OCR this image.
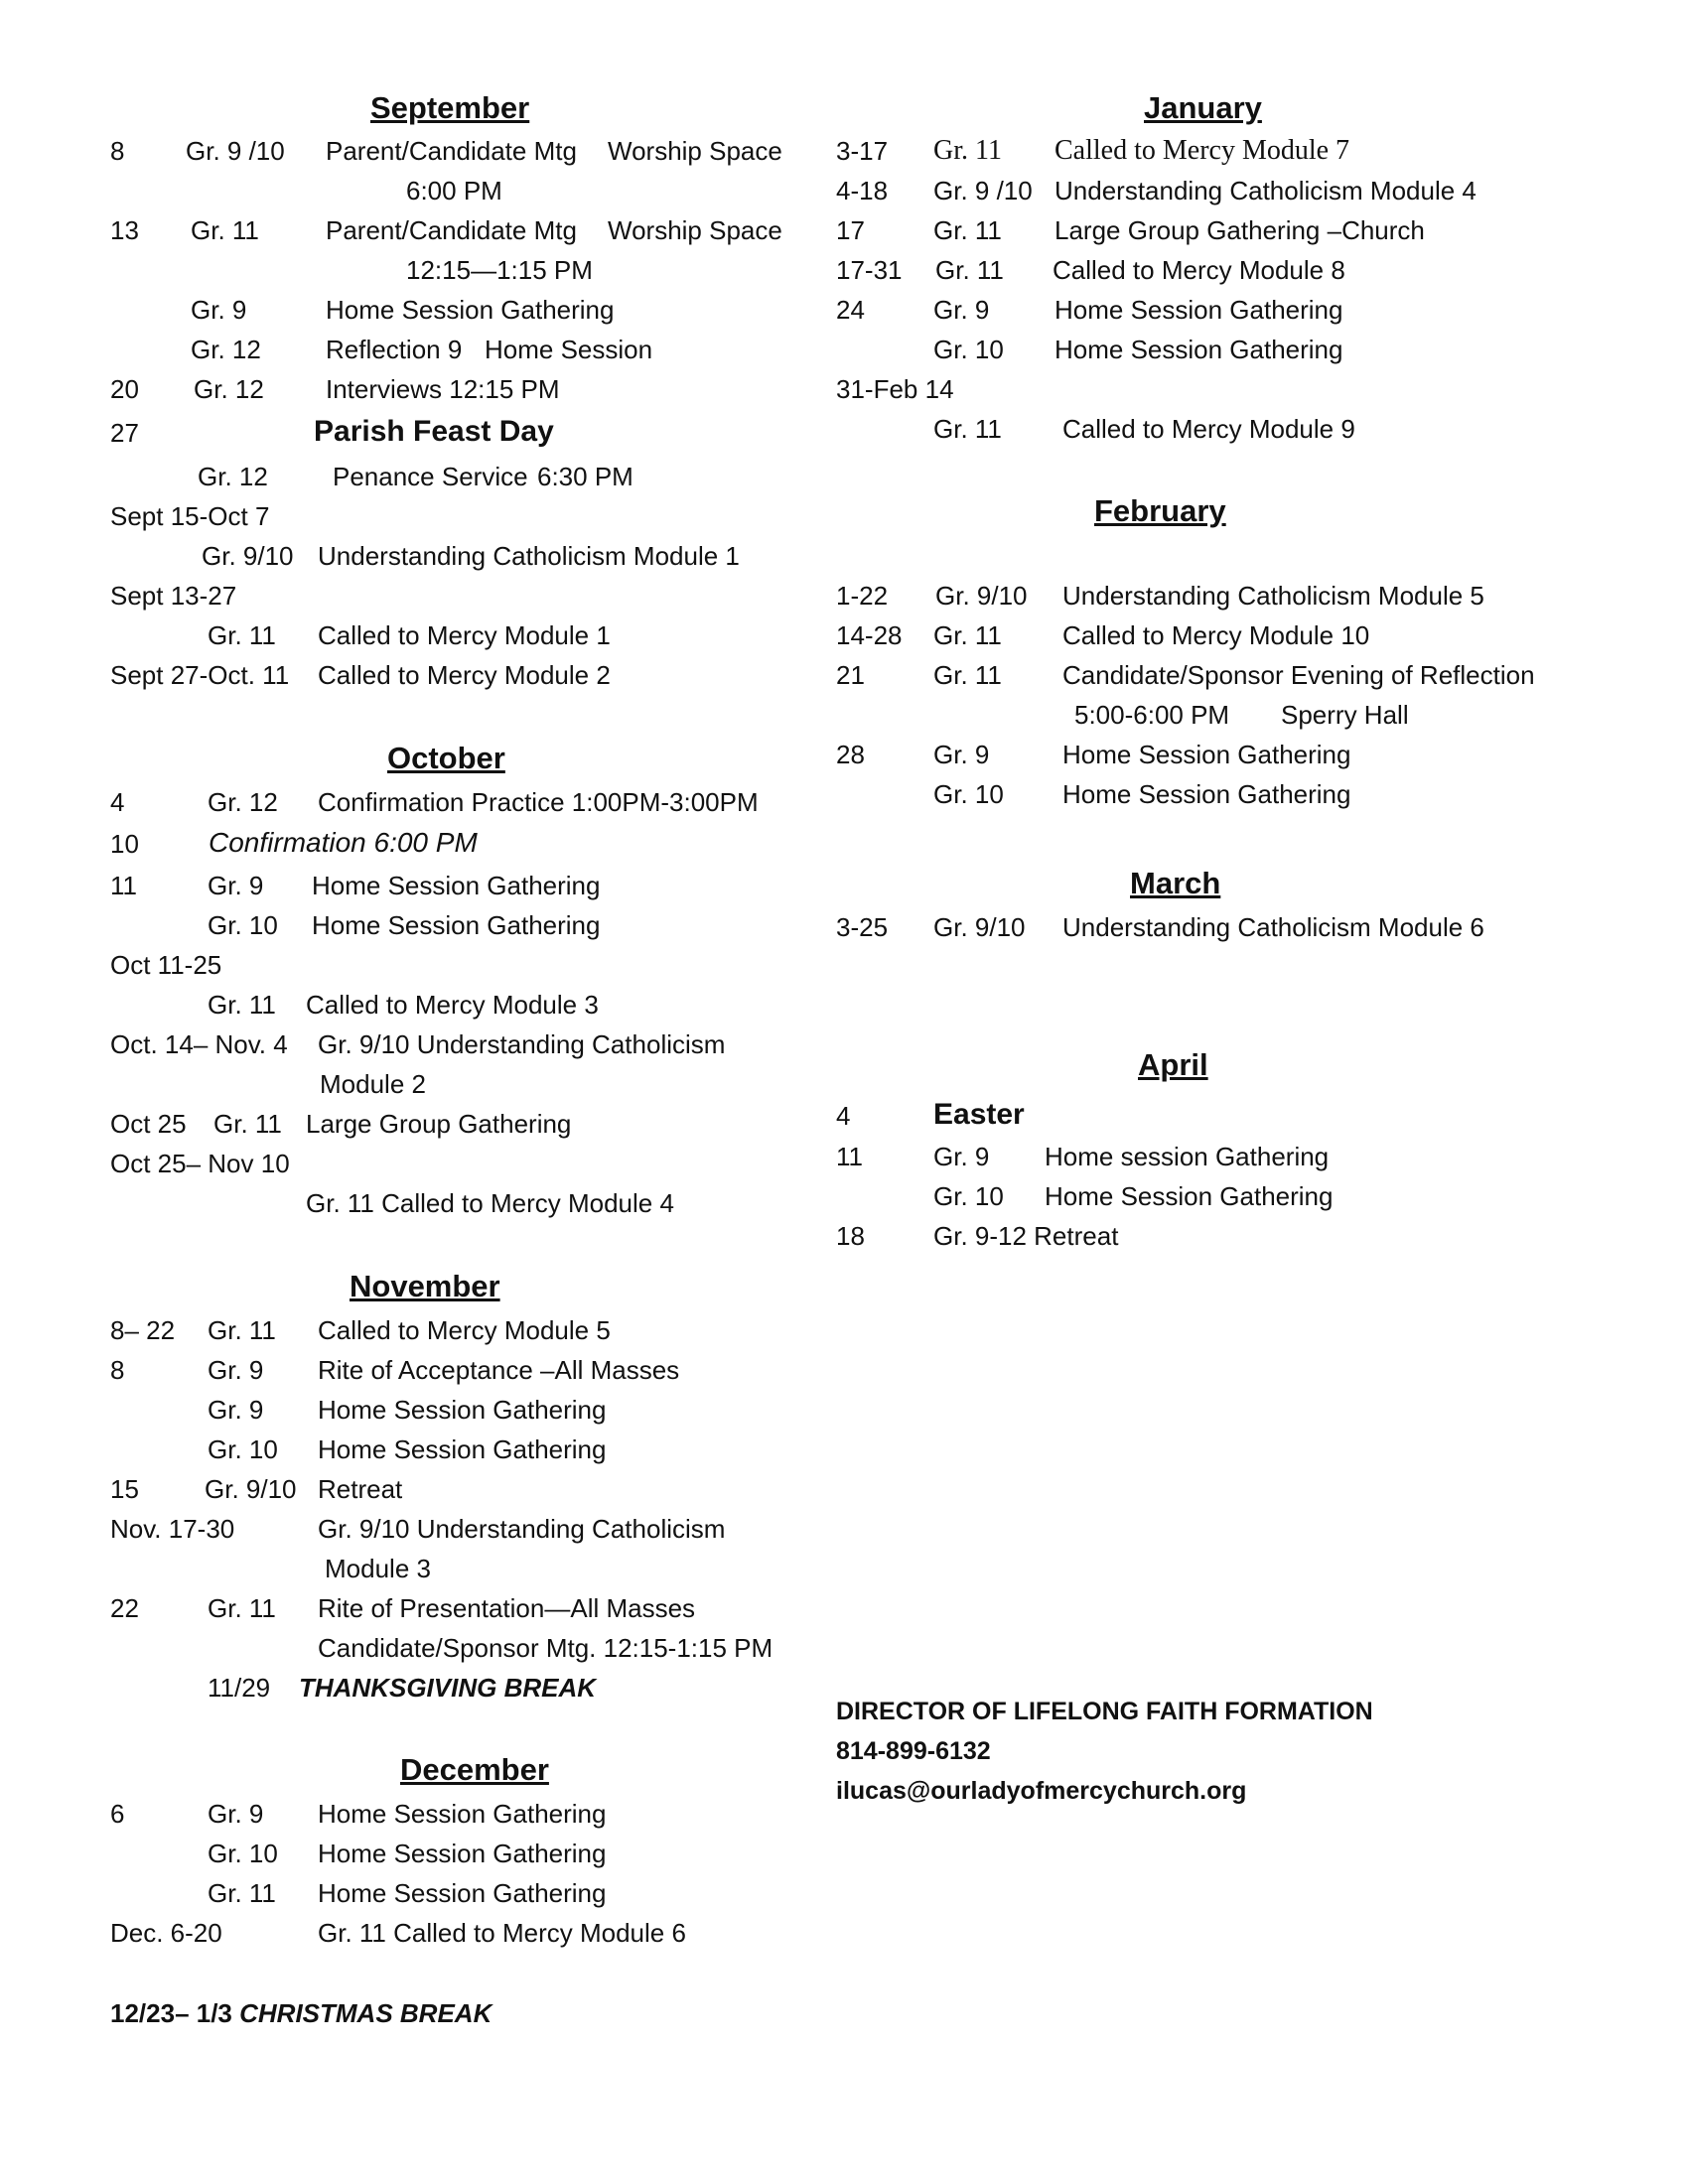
September
8 Gr. 9 /10 Parent/Candidate Mtg Worship Space
6:00 PM
13 Gr. 11	Parent/Candidate Mtg Worship Space
12:15—1:15 PM
Gr. 9	Home Session Gathering
Gr. 12	Reflection 9 Home Session
20 Gr. 12 Interviews 12:15 PM
27	Parish Feast Day
Gr. 12	Penance Service 6:30 PM
Sept 15-Oct 7
Gr. 9/10 Understanding Catholicism Module 1
Sept 13-27
Gr. 11 Called to Mercy Module 1
Sept 27-Oct. 11 Called to Mercy Module 2
October
4	Gr. 12 Confirmation Practice 1:00PM-3:00PM
10	Confirmation 6:00 PM
11	Gr. 9 Home Session Gathering
Gr. 10 Home Session Gathering
Oct 11-25
Gr. 11 Called to Mercy Module 3
Oct. 14– Nov. 4 Gr. 9/10 Understanding Catholicism
Module 2
Oct 25 Gr. 11 Large Group Gathering
Oct 25– Nov 10
Gr. 11 Called to Mercy Module 4
November
8– 22 Gr. 11 Called to Mercy Module 5
8	Gr. 9 Rite of Acceptance –All Masses
Gr. 9 Home Session Gathering
Gr. 10 Home Session Gathering
15	Gr. 9/10 Retreat
Nov. 17-30	Gr. 9/10 Understanding Catholicism
Module 3
22	Gr. 11 Rite of Presentation—All Masses
Candidate/Sponsor Mtg. 12:15-1:15 PM
11/29 THANKSGIVING BREAK
December
6	Gr. 9 Home Session Gathering
Gr. 10 Home Session Gathering
Gr. 11 Home Session Gathering
Dec. 6-20	Gr. 11 Called to Mercy Module 6
12/23– 1/3 CHRISTMAS BREAK
January
3-17 Gr. 11 Called to Mercy Module 7
4-18 Gr. 9 /10 Understanding Catholicism Module 4
17	Gr. 11 Large Group Gathering –Church
17-31 Gr. 11 Called to Mercy Module 8
24	Gr. 9	Home Session Gathering
Gr. 10 Home Session Gathering
31-Feb 14
Gr. 11 Called to Mercy Module 9
February
1-22 Gr. 9/10 Understanding Catholicism Module 5
14-28 Gr. 11 Called to Mercy Module 10
21	Gr. 11 Candidate/Sponsor Evening of Reflection
5:00-6:00 PM Sperry Hall
28	Gr. 9	Home Session Gathering
Gr. 10 Home Session Gathering
March
3-25 Gr. 9/10 Understanding Catholicism Module 6
April
4	Easter
11	Gr. 9 Home session Gathering
Gr. 10 Home Session Gathering
18	Gr. 9-12 Retreat
DIRECTOR OF LIFELONG FAITH FORMATION
814-899-6132
ilucas@ourladyofmercychurch.org
